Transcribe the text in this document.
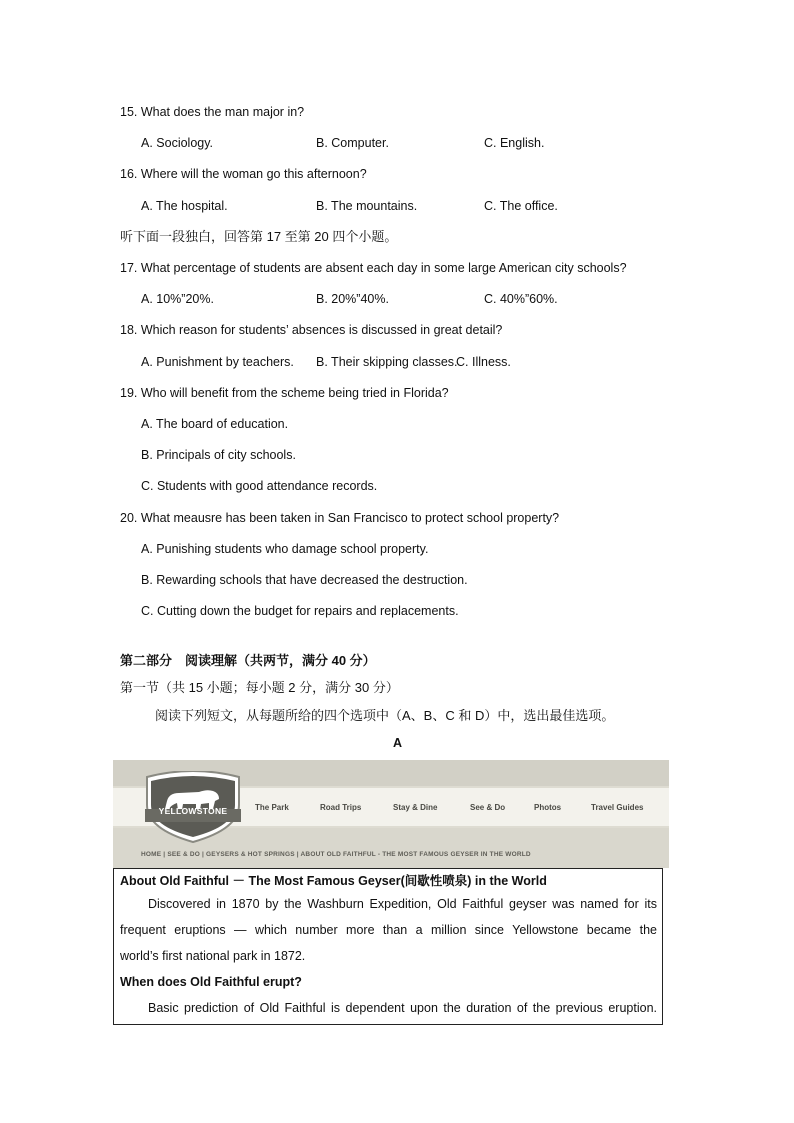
15. What does the man major in?
A. Sociology.	B. Computer.	C. English.
16. Where will the woman go this afternoon?
A. The hospital.	B. The mountains.	C. The office.
听下面一段独白，回答第 17 至第 20 四个小题。
17. What percentage of students are absent each day in some large American city schools?
A. 10%”20%.	B. 20%”40%.	C. 40%”60%.
18. Which reason for students’ absences is discussed in great detail?
A. Punishment by teachers. B. Their skipping classes.
C. Illness.
19. Who will benefit from the scheme being tried in Florida?
A. The board of education.
B. Principals of city schools.
C. Students with good attendance records.
20. What meausre has been taken in San Francisco to protect school property?
A. Punishing students who damage school property.
B. Rewarding schools that have decreased the destruction.
C. Cutting down the budget for repairs and replacements.
第二部分　阅读理解（共两节，满分 40 分）
第一节（共 15 小题；每小题 2 分，满分 30 分）
阅读下列短文，从每题所给的四个选项中（A、B、C 和 D）中，选出最佳选项。
A
YELLOWSTONE	The Park	Road Trips	Stay & Dine	See & Do	Photos	Travel Guides
HOME | SEE & DO | GEYSERS & HOT SPRINGS | ABOUT OLD FAITHFUL - THE MOST FAMOUS GEYSER IN THE WORLD
About Old Faithful － The Most Famous Geyser(间歇性喷泉) in the World
Discovered in 1870 by the Washburn Expedition, Old Faithful geyser was named for its
frequent eruptions — which number more than a million since Yellowstone became the
world’s first national park in 1872.
When does Old Faithful erupt?
Basic prediction of Old Faithful is dependent upon the duration of the previous eruption.
